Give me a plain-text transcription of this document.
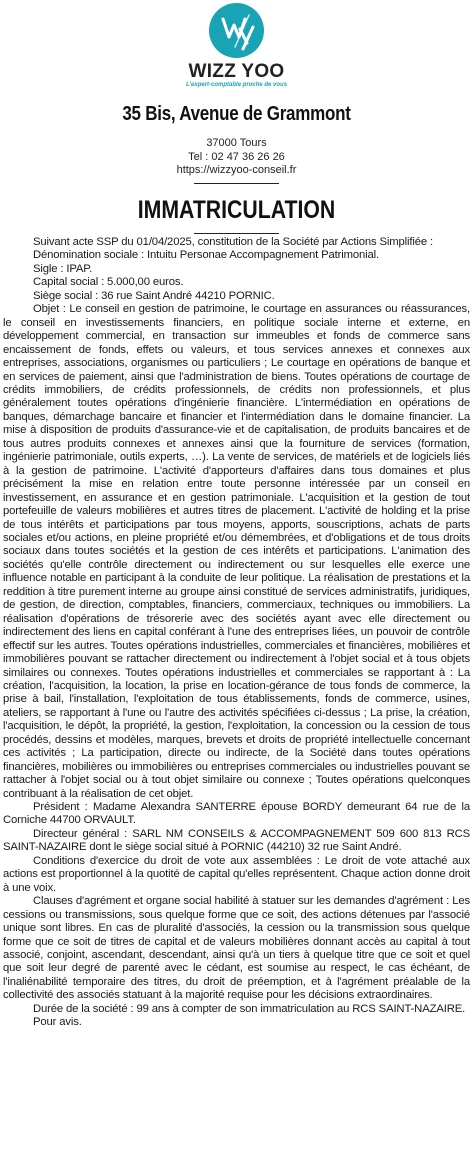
WIZZ YOO
L'expert-comptable proche de vous
35 Bis, Avenue de Grammont
37000 Tours
Tel : 02 47 36 26 26
https://wizzyoo-conseil.fr
IMMATRICULATION

Suivant acte SSP du 01/04/2025, constitution de la Société par Actions Simplifiée :

Dénomination sociale : Intuitu Personae Accompagnement Patrimonial.

Sigle : IPAP.

Capital social : 5.000,00 euros.

Siège social : 36 rue Saint André 44210 PORNIC.

Objet : Le conseil en gestion de patrimoine, le courtage en assurances ou réassurances, le conseil en investissements financiers, en politique sociale interne et externe, en développement commercial, en transaction sur immeubles et fonds de commerce sans encaissement de fonds, effets ou valeurs, et tous services annexes et connexes aux entreprises, associations, organismes ou particuliers ; Le courtage en opérations de banque et en services de paiement, ainsi que l'administration de biens. Toutes opérations de courtage de crédits immobiliers, de crédits professionnels, de crédits non professionnels, et plus généralement toutes opérations d'ingénierie financière. L'intermédiation en opérations de banques, démarchage bancaire et financier et l'intermédiation dans le domaine financier. La mise à disposition de produits d'assurance-vie et de capitalisation, de produits bancaires et de tous autres produits connexes et annexes ainsi que la fourniture de services (formation, ingénierie patrimoniale, outils experts, …). La vente de services, de matériels et de logiciels liés à la gestion de patrimoine. L'activité d'apporteurs d'affaires dans tous domaines et plus précisément la mise en relation entre toute personne intéressée par un conseil en investissement, en assurance et en gestion patrimoniale. L'acquisition et la gestion de tout portefeuille de valeurs mobilières et autres titres de placement. L'activité de holding et la prise de tous intérêts et participations par tous moyens, apports, souscriptions, achats de parts sociales et/ou actions, en pleine propriété et/ou démembrées, et d'obligations et de tous droits sociaux dans toutes sociétés et la gestion de ces intérêts et participations. L'animation des sociétés qu'elle contrôle directement ou indirectement ou sur lesquelles elle exerce une influence notable en participant à la conduite de leur politique. La réalisation de prestations et la reddition à titre purement interne au groupe ainsi constitué de services administratifs, juridiques, de gestion, de direction, comptables, financiers, commerciaux, techniques ou immobiliers. La réalisation d'opérations de trésorerie avec des sociétés ayant avec elle directement ou indirectement des liens en capital conférant à l'une des entreprises liées, un pouvoir de contrôle effectif sur les autres. Toutes opérations industrielles, commerciales et financières, mobilières et immobilières pouvant se rattacher directement ou indirectement à l'objet social et à tous objets similaires ou connexes. Toutes opérations industrielles et commerciales se rapportant à : La création, l'acquisition, la location, la prise en location-gérance de tous fonds de commerce, la prise à bail, l'installation, l'exploitation de tous établissements, fonds de commerce, usines, ateliers, se rapportant à l'une ou l'autre des activités spécifiées ci-dessus ; La prise, la création, l'acquisition, le dépôt, la propriété, la gestion, l'exploitation, la concession ou la cession de tous procédés, dessins et modèles, marques, brevets et droits de propriété intellectuelle concernant ces activités ; La participation, directe ou indirecte, de la Société dans toutes opérations financières, mobilières ou immobilières ou entreprises commerciales ou industrielles pouvant se rattacher à l'objet social ou à tout objet similaire ou connexe ; Toutes opérations quelconques contribuant à la réalisation de cet objet.

Président : Madame Alexandra SANTERRE épouse BORDY demeurant 64 rue de la Corniche 44700 ORVAULT.

Directeur général : SARL NM CONSEILS & ACCOMPAGNEMENT 509 600 813 RCS SAINT-NAZAIRE dont le siège social situé à PORNIC (44210) 32 rue Saint André.

Conditions d'exercice du droit de vote aux assemblées : Le droit de vote attaché aux actions est proportionnel à la quotité de capital qu'elles représentent. Chaque action donne droit à une voix.

Clauses d'agrément et organe social habilité à statuer sur les demandes d'agrément : Les cessions ou transmissions, sous quelque forme que ce soit, des actions détenues par l'associé unique sont libres. En cas de pluralité d'associés, la cession ou la transmission sous quelque forme que ce soit de titres de capital et de valeurs mobilières donnant accès au capital à tout associé, conjoint, ascendant, descendant, ainsi qu'à un tiers à quelque titre que ce soit et quel que soit leur degré de parenté avec le cédant, est soumise au respect, le cas échéant, de l'inaliénabilité temporaire des titres, du droit de préemption, et à l'agrément préalable de la collectivité des associés statuant à la majorité requise pour les décisions extraordinaires.

Durée de la société : 99 ans à compter de son immatriculation au RCS SAINT-NAZAIRE.

Pour avis.
